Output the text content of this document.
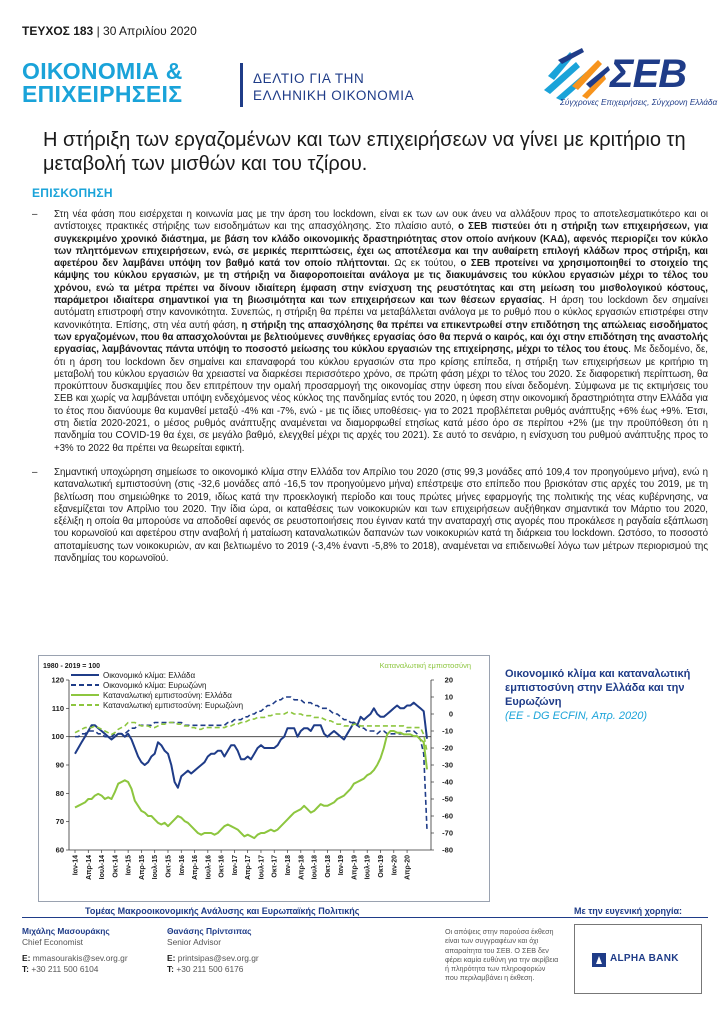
ΤΕΥΧΟΣ 183 | 30 Απριλίου 2020
ΟΙΚΟΝΟΜΙΑ &
ΕΠΙΧΕΙΡΗΣΕΙΣ
ΔΕΛΤΙΟ ΓΙΑ ΤΗΝ
ΕΛΛΗΝΙΚΗ ΟΙΚΟΝΟΜΙΑ	ΣΕΒ
Σύγχρονες Επιχειρήσεις, Σύγχρονη Ελλάδα
Η στήριξη των εργαζομένων και των επιχειρήσεων να γίνει με κριτήριο τη μεταβολή των μισθών και του τζίρου.
ΕΠΙΣΚΟΠΗΣΗ
– Στη νέα φάση που εισέρχεται η κοινωνία μας με την άρση του lockdown, είναι εκ των ων ουκ άνευ να αλλάξουν προς το αποτελεσματικότερο και οι αντίστοιχες πρακτικές στήριξης των εισοδημάτων και της απασχόλησης. Στο πλαίσιο αυτό, ο ΣΕΒ πιστεύει ότι η στήριξη των επιχειρήσεων, για συγκεκριμένο χρονικό διάστημα, με βάση τον κλάδο οικονομικής δραστηριότητας στον οποίο ανήκουν (ΚΑΔ), αφενός περιορίζει τον κύκλο των πληττόμενων επιχειρήσεων, ενώ, σε μερικές περιπτώσεις, έχει ως αποτέλεσμα και την αυθαίρετη επιλογή κλάδων προς στήριξη, και αφετέρου δεν λαμβάνει υπόψη τον βαθμό κατά τον οποίο πλήττονται. Ως εκ τούτου, ο ΣΕΒ προτείνει να χρησιμοποιηθεί το στοιχείο της κάμψης του κύκλου εργασιών, με τη στήριξη να διαφοροποιείται ανάλογα με τις διακυμάνσεις του κύκλου εργασιών μέχρι το τέλος του χρόνου, ενώ τα μέτρα πρέπει να δίνουν ιδιαίτερη έμφαση στην ενίσχυση της ρευστότητας και στη μείωση του μισθολογικού κόστους, παράμετροι ιδιαίτερα σημαντικοί για τη βιωσιμότητα και των επιχειρήσεων και των θέσεων εργασίας. Η άρση του lockdown δεν σημαίνει αυτόματη επιστροφή στην κανονικότητα. Συνεπώς, η στήριξη θα πρέπει να μεταβάλλεται ανάλογα με το ρυθμό που ο κύκλος εργασιών επιστρέφει στην κανονικότητα. Επίσης, στη νέα αυτή φάση, η στήριξη της απασχόλησης θα πρέπει να επικεντρωθεί στην επιδότηση της απώλειας εισοδήματος των εργαζομένων, που θα απασχολούνται με βελτιούμενες συνθήκες εργασίας όσο θα περνά ο καιρός, και όχι στην επιδότηση της αναστολής εργασίας, λαμβάνοντας πάντα υπόψη το ποσοστό μείωσης του κύκλου εργασιών της επιχείρησης, μέχρι το τέλος του έτους. Με δεδομένο, δε, ότι η άρση του lockdown δεν σημαίνει και επαναφορά του κύκλου εργασιών στα προ κρίσης επίπεδα, η στήριξη των επιχειρήσεων με κριτήριο τη μεταβολή του κύκλου εργασιών θα χρειαστεί να διαρκέσει περισσότερο χρόνο, σε πρώτη φάση μέχρι το τέλος του 2020. Σε διαφορετική περίπτωση, θα προκύπτουν δυσκαμψίες που δεν επιτρέπουν την ομαλή προσαρμογή της οικονομίας στην ύφεση που είναι δεδομένη. Σύμφωνα με τις εκτιμήσεις του ΣΕΒ και χωρίς να λαμβάνεται υπόψη ενδεχόμενος νέος κύκλος της πανδημίας εντός του 2020, η ύφεση στην οικονομική δραστηριότητα στην Ελλάδα για το έτος που διανύουμε θα κυμανθεί μεταξύ -4% και -7%, ενώ - με τις ίδιες υποθέσεις- για το 2021 προβλέπεται ρυθμός ανάπτυξης +6% έως +9%. Έτσι, στη διετία 2020-2021, ο μέσος ρυθμός ανάπτυξης αναμένεται να διαμορφωθεί ετησίως κατά μέσο όρο σε περίπου +2% (με την προϋπόθεση ότι η πανδημία του COVID-19 θα έχει, σε μεγάλο βαθμό, ελεγχθεί μέχρι τις αρχές του 2021). Σε αυτό το σενάριο, η ενίσχυση του ρυθμού ανάπτυξης προς το +3% το 2022 θα πρέπει να θεωρείται εφικτή.
– Σημαντική υποχώρηση σημείωσε το οικονομικό κλίμα στην Ελλάδα τον Απρίλιο του 2020 (στις 99,3 μονάδες από 109,4 τον προηγούμενο μήνα), ενώ η καταναλωτική εμπιστοσύνη (στις -32,6 μονάδες από -16,5 τον προηγούμενο μήνα) επέστρεψε στο επίπεδο που βρισκόταν στις αρχές του 2019, με τη βελτίωση που σημειώθηκε το 2019, ιδίως κατά την προεκλογική περίοδο και τους πρώτες μήνες εφαρμογής της πολιτικής της νέας κυβέρνησης, να εξανεμίζεται τον Απρίλιο του 2020. Την ίδια ώρα, οι καταθέσεις των νοικοκυριών και των επιχειρήσεων αυξήθηκαν σημαντικά τον Μάρτιο του 2020, εξέλιξη η οποία θα μπορούσε να αποδοθεί αφενός σε ρευστοποιήσεις που έγιναν κατά την αναταραχή στις αγορές που προκάλεσε η ραγδαία εξάπλωση του κορωνοϊού και αφετέρου στην αναβολή ή ματαίωση καταναλωτικών δαπανών των νοικοκυριών κατά τη διάρκεια του lockdown. Ωστόσο, το ποσοστό αποταμίευσης των νοικοκυριών, αν και βελτιωμένο το 2019 (-3,4% έναντι -5,8% το 2018), αναμένεται να επιδεινωθεί λόγω των μέτρων περιορισμού της πανδημίας του κορωνοϊού.
1980 - 2019 = 100	Καταναλωτική εμπιστοσύνη
60
70
80
90
100
110
120
-80
-70
-60
-50
-40
-30
-20
-10
0
10
20
Ιαν-14 Απρ-14 Ιουλ-14 Οκτ-14 Ιαν-15 Απρ-15 Ιουλ-15 Οκτ-15 Ιαν-16 Απρ-16 Ιουλ-16 Οκτ-16 Ιαν-17 Απρ-17 Ιουλ-17 Οκτ-17 Ιαν-18 Απρ-18 Ιουλ-18 Οκτ-18 Ιαν-19 Απρ-19 Ιουλ-19 Οκτ-19 Ιαν-20 Απρ-20
Οικονομικό κλίμα: Ελλάδα
Οικονομικό κλίμα: Ευρωζώνη
Καταναλωτική εμπιστοσύνη: Ελλάδα
Καταναλωτική εμπιστοσύνη: Ευρωζώνη
Οικονομικό κλίμα και καταναλωτική εμπιστοσύνη στην Ελλάδα και την Ευρωζώνη
(EE - DG ECFIN, Απρ. 2020)
Τομέας Μακροοικονομικής Ανάλυσης και Ευρωπαϊκής Πολιτικής	Με την ευγενική χορηγία:
Μιχάλης Μασουράκης
Chief Economist
E: mmasourakis@sev.org.gr
T: +30 211 500 6104
Θανάσης Πρίντσιπας
Senior Advisor
E: printsipas@sev.org.gr
T: +30 211 500 6176
Οι απόψεις στην παρούσα έκθεση είναι των συγγραφέων και όχι απαραίτητα του ΣΕΒ. Ο ΣΕΒ δεν φέρει καμία ευθύνη για την ακρίβεια ή πληρότητα των πληροφοριών που περιλαμβάνει η έκθεση.
ALPHA BANK
